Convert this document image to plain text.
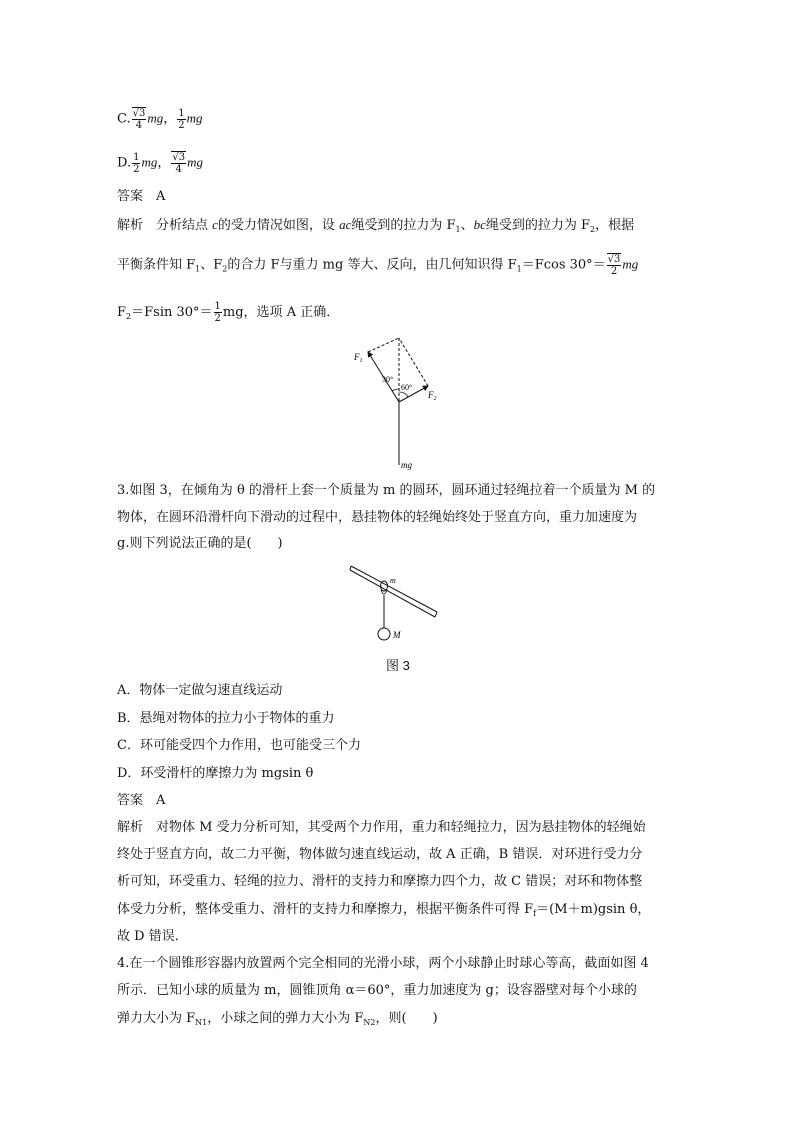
C. $\frac{√3}{4}$ mg， $\frac{1}{2}$ mg
D. $\frac{1}{2}$ mg， $\frac{√3}{4}$ mg
答案　A
解析　分析结点 c的受力情况如图，设 ac绳受到的拉力为 $F_1$、bc绳受到的拉力为 $F_2$，根据
平衡条件知 $F_1$、$F_2$的合力 F与重力 mg 等大、反向，由几何知识得 $F_1=Fcos$ $30^\circ= \frac{√3}{2}$ mg
$F_2=Fsin$ $30^\circ= \frac{1}{2}$ mg，选项 A 正确．
$F_1$
$F_2$
30°
60°
mg
3.如图 3，在倾角为 θ 的滑杆上套一个质量为 m 的圆环，圆环通过轻绳拉着一个质量为 M 的
物体，在圆环沿滑杆向下滑动的过程中，悬挂物体的轻绳始终处于竖直方向，重力加速度为
g.则下列说法正确的是(　　)
m
M
图 3
A．物体一定做匀速直线运动
B．悬绳对物体的拉力小于物体的重力
C．环可能受四个力作用，也可能受三个力
D．环受滑杆的摩擦力为 mgsin θ
答案　A
解析　对物体 M 受力分析可知，其受两个力作用，重力和轻绳拉力，因为悬挂物体的轻绳始
终处于竖直方向，故二力平衡，物体做匀速直线运动，故 A 正确，B 错误．对环进行受力分
析可知，环受重力、轻绳的拉力、滑杆的支持力和摩擦力四个力，故 C 错误；对环和物体整
体受力分析，整体受重力、滑杆的支持力和摩擦力，根据平衡条件可得 $F_f=(M+m)gsin$ θ，
故 D 错误．
4.在一个圆锥形容器内放置两个完全相同的光滑小球，两个小球静止时球心等高，截面如图 4
所示．已知小球的质量为 m，圆锥顶角 α＝60°，重力加速度为 g；设容器壁对每个小球的
弹力大小为 $F_{N1}$，小球之间的弹力大小为 $F_{N2}$，则(　　)
